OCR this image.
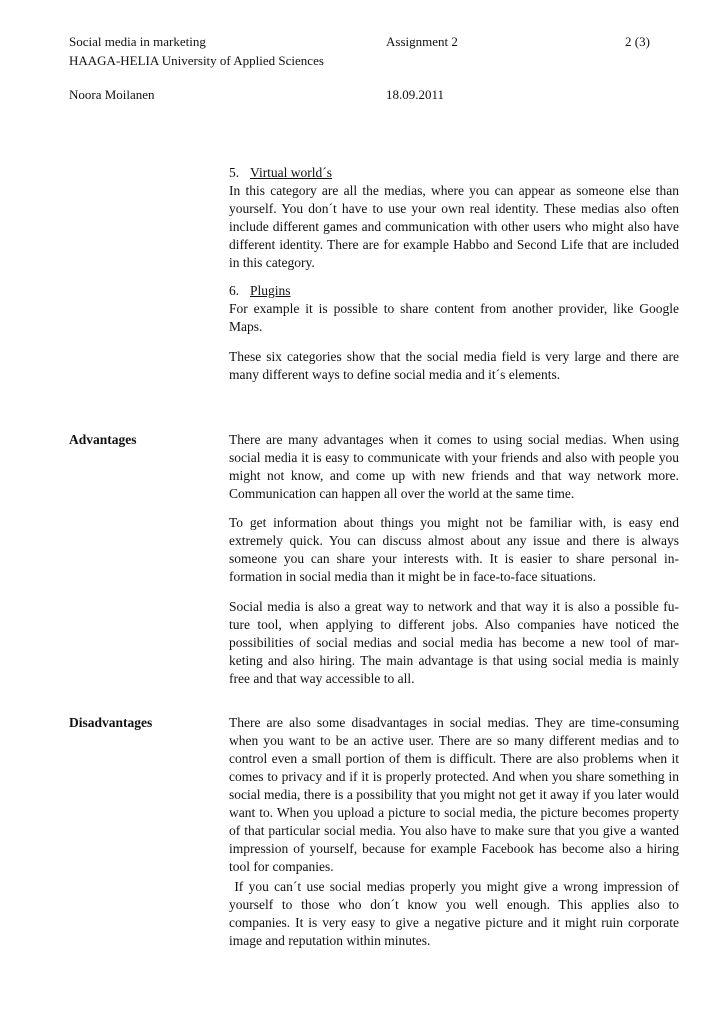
Social media in marketing	Assignment 2	2 (3)
HAAGA-HELIA University of Applied Sciences
Noora Moilanen	18.09.2011
5. Virtual world´s

In this category are all the medias, where you can appear as someone else than yourself. You don´t have to use your own real identity. These medias also often include different games and communication with other users who might also have different identity. There are for example Habbo and Second Life that are included in this category.

6. Plugins

For example it is possible to share content from another provider, like Google Maps.

These six categories show that the social media field is very large and there are many different ways to define social media and it´s elements.

Advantages	There are many advantages when it comes to using social medias. When using social media it is easy to communicate with your friends and also with people you might not know, and come up with new friends and that way network more. Communication can happen all over the world at the same time.

To get information about things you might not be familiar with, is easy end extremely quick. You can discuss almost about any issue and there is always someone you can share your interests with. It is easier to share personal in-formation in social media than it might be in face-to-face situations.

Social media is also a great way to network and that way it is also a possible fu-ture tool, when applying to different jobs. Also companies have noticed the possibilities of social medias and social media has become a new tool of mar-keting and also hiring. The main advantage is that using social media is mainly free and that way accessible to all.

Disadvantages	There are also some disadvantages in social medias. They are time-consuming when you want to be an active user. There are so many different medias and to control even a small portion of them is difficult. There are also problems when it comes to privacy and if it is properly protected. And when you share something in social media, there is a possibility that you might not get it away if you later would want to. When you upload a picture to social media, the picture becomes property of that particular social media. You also have to make sure that you give a wanted impression of yourself, because for example Facebook has become also a hiring tool for companies.

If you can´t use social medias properly you might give a wrong impression of yourself to those who don´t know you well enough. This applies also to companies. It is very easy to give a negative picture and it might ruin corporate image and reputation within minutes.
